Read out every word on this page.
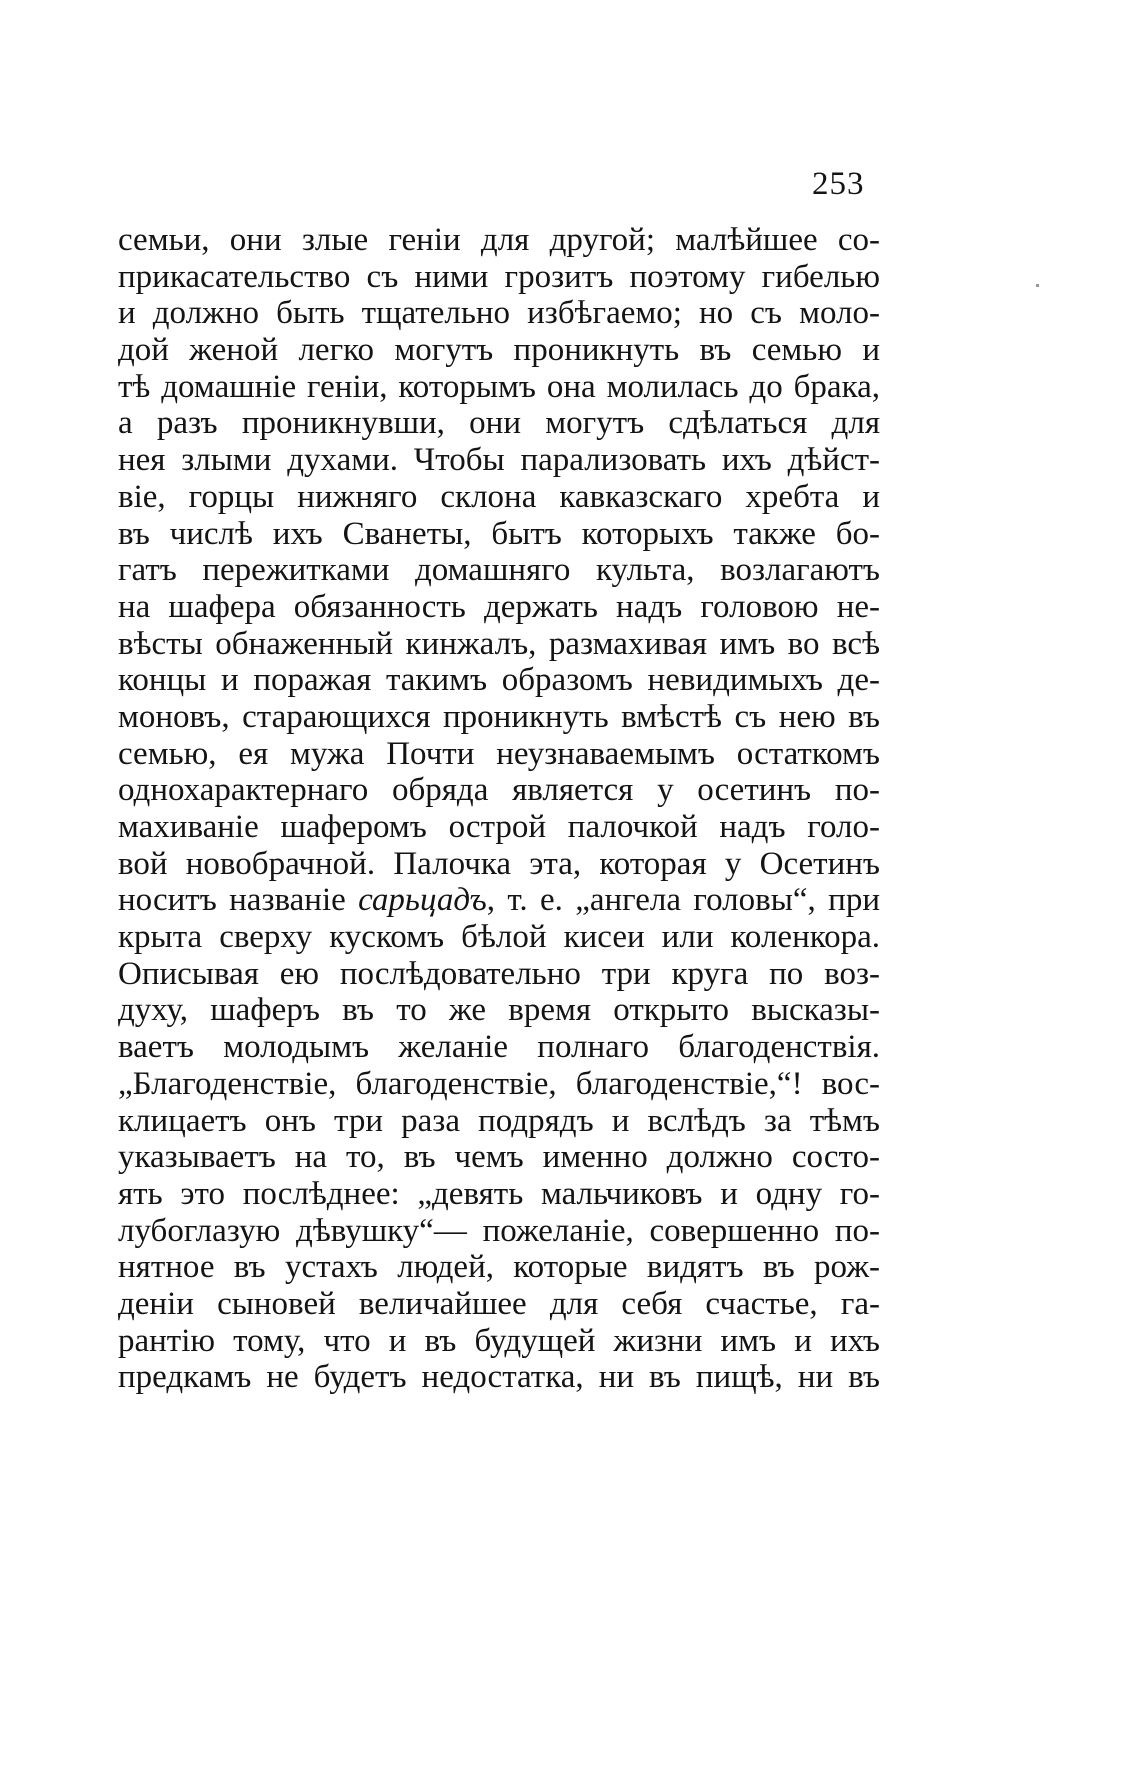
253
семьи, они злые генiи для другой; малѣйшее со-
прикасательство съ ними грозитъ поэтому гибелью
и должно быть тщательно избѣгаемо; но съ моло-
дой женой легко могутъ проникнуть въ семью и
тѣ домашнiе генiи, которымъ она молилась до брака,
а разъ проникнувши, они могутъ сдѣлаться для
нея злыми духами. Чтобы парализовать ихъ дѣйст-
вiе, горцы нижняго склона кавказскаго хребта и
въ числѣ ихъ Сванеты, бытъ которыхъ также бо-
гатъ пережитками домашняго культа, возлагаютъ
на шафера обязанность держать надъ головою не-
вѣсты обнаженный кинжалъ, размахивая имъ во всѣ
концы и поражая такимъ образомъ невидимыхъ де-
моновъ, старающихся проникнуть вмѣстѣ съ нею въ
семью, ея мужа Почти неузнаваемымъ остаткомъ
однохарактернаго обряда является у осетинъ по-
махиванiе шаферомъ острой палочкой надъ голо-
вой новобрачной. Палочка эта, которая у Осетинъ
носитъ названiе сарьцадъ, т. е. „ангела головы“, при
крыта сверху кускомъ бѣлой кисеи или коленкора.
Описывая ею послѣдовательно три круга по воз-
духу, шаферъ въ то же время открыто высказы-
ваетъ молодымъ желанiе полнаго благоденствiя.
„Благоденствiе, благоденствiе, благоденствiе,“! вос-
клицаетъ онъ три раза подрядъ и вслѣдъ за тѣмъ
указываетъ на то, въ чемъ именно должно состо-
ять это послѣднее: „девять мальчиковъ и одну го-
лубоглазую дѣвушку“— пожеланiе, совершенно по-
нятное въ устахъ людей, которые видятъ въ рож-
денiи сыновей величайшее для себя счастье, га-
рантiю тому, что и въ будущей жизни имъ и ихъ
предкамъ не будетъ недостатка, ни въ пищѣ, ни въ
